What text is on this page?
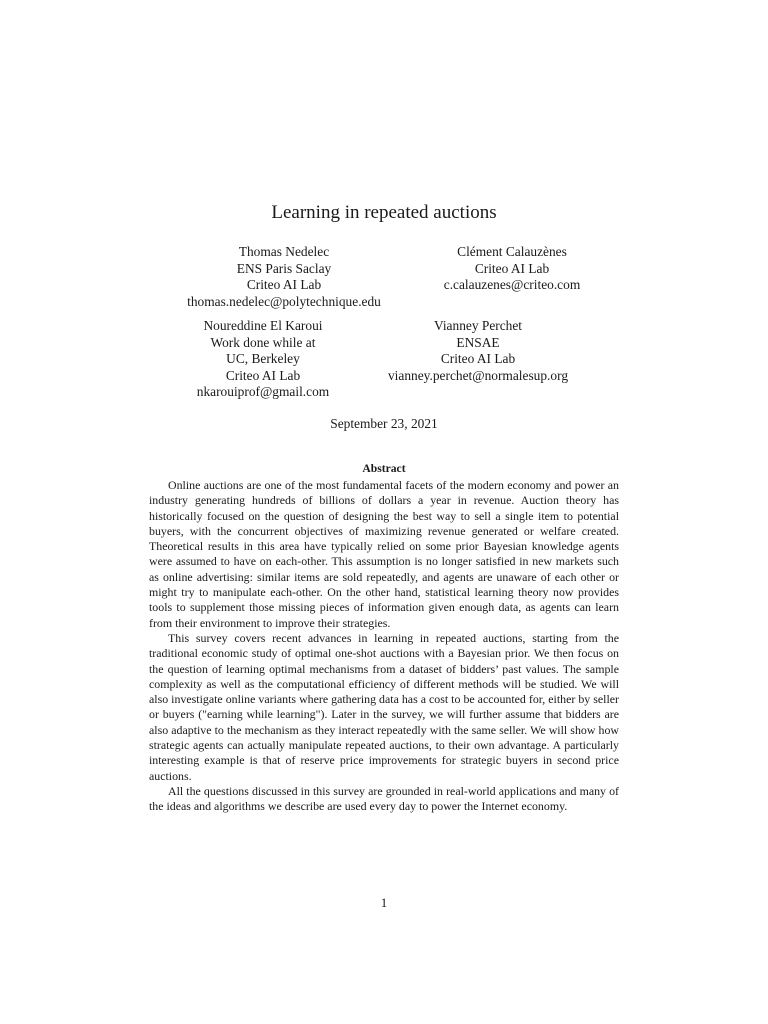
Learning in repeated auctions
Thomas Nedelec
ENS Paris Saclay
Criteo AI Lab
thomas.nedelec@polytechnique.edu
Clément Calauzènes
Criteo AI Lab
c.calauzenes@criteo.com
Noureddine El Karoui
Work done while at
UC, Berkeley
Criteo AI Lab
nkarouiprof@gmail.com
Vianney Perchet
ENSAE
Criteo AI Lab
vianney.perchet@normalesup.org
September 23, 2021
Abstract

Online auctions are one of the most fundamental facets of the modern economy and power an industry generating hundreds of billions of dollars a year in revenue. Auction theory has historically focused on the question of designing the best way to sell a single item to potential buyers, with the concurrent objectives of maximizing revenue generated or welfare created. Theoretical results in this area have typically relied on some prior Bayesian knowledge agents were assumed to have on each-other. This assumption is no longer satisfied in new markets such as online advertising: similar items are sold repeatedly, and agents are unaware of each other or might try to manipulate each-other. On the other hand, statistical learning theory now provides tools to supplement those missing pieces of information given enough data, as agents can learn from their environment to improve their strategies.

This survey covers recent advances in learning in repeated auctions, starting from the traditional economic study of optimal one-shot auctions with a Bayesian prior. We then focus on the question of learning optimal mechanisms from a dataset of bidders’ past values. The sample complexity as well as the computational efficiency of different methods will be studied. We will also investigate online variants where gathering data has a cost to be accounted for, either by seller or buyers ("earning while learning"). Later in the survey, we will further assume that bidders are also adaptive to the mechanism as they interact repeatedly with the same seller. We will show how strategic agents can actually manipulate repeated auctions, to their own advantage. A particularly interesting example is that of reserve price improvements for strategic buyers in second price auctions.

All the questions discussed in this survey are grounded in real-world applications and many of the ideas and algorithms we describe are used every day to power the Internet economy.

1
